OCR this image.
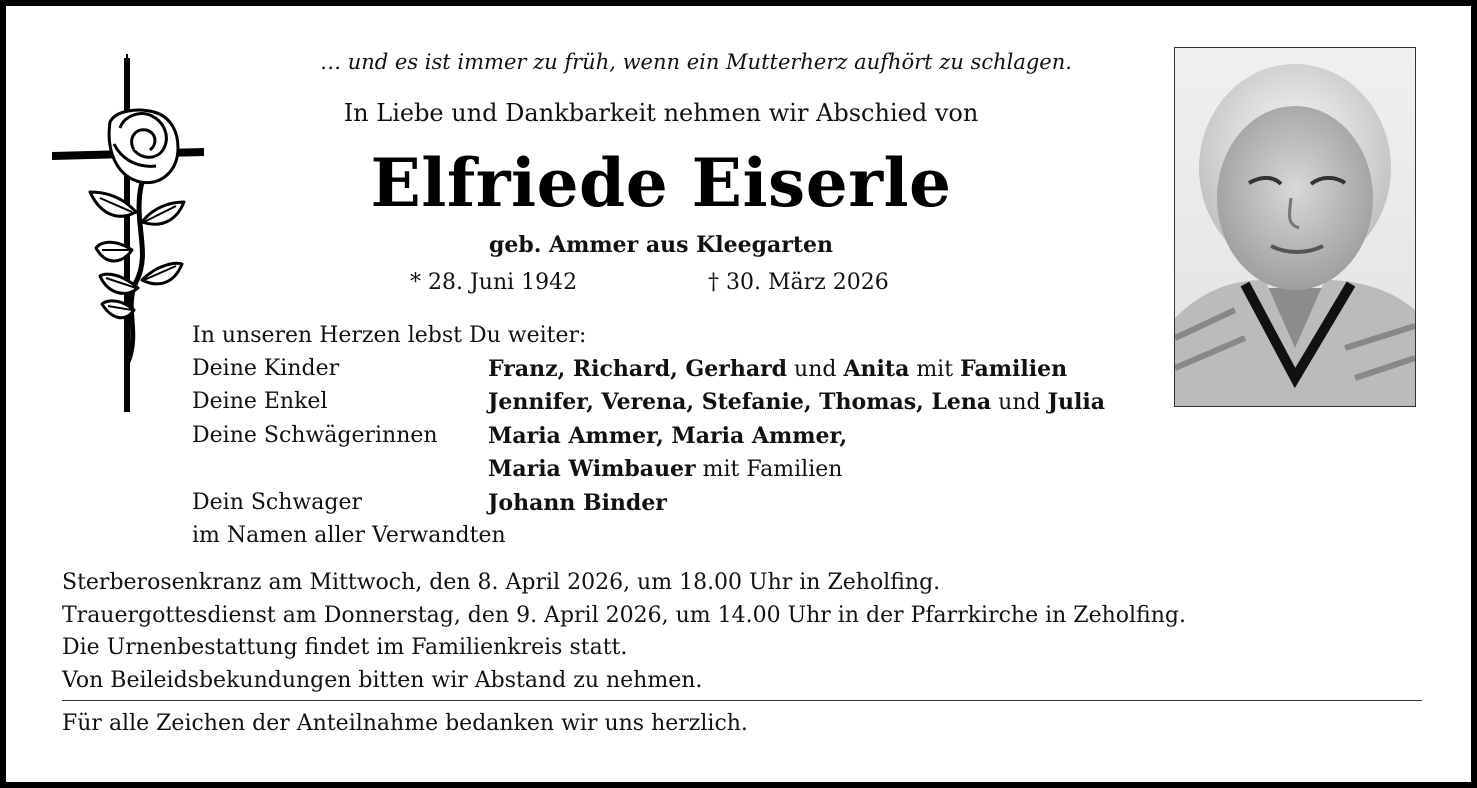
… und es ist immer zu früh, wenn ein Mutterherz aufhört zu schlagen.

In Liebe und Dankbarkeit nehmen wir Abschied von

Elfriede Eiserle

geb. Ammer aus Kleegarten

* 28. Juni 1942	† 30. März 2026

In unseren Herzen lebst Du weiter:
Deine Kinder	Franz, Richard, Gerhard und Anita mit Familien
Deine Enkel	Jennifer, Verena, Stefanie, Thomas, Lena und Julia
Deine Schwägerinnen	Maria Ammer, Maria Ammer,
Maria Wimbauer mit Familien
Dein Schwager	Johann Binder
im Namen aller Verwandten
Sterberosenkranz am Mittwoch, den 8. April 2026, um 18.00 Uhr in Zeholfing.
Trauergottesdienst am Donnerstag, den 9. April 2026, um 14.00 Uhr in der Pfarrkirche in Zeholfing.
Die Urnenbestattung findet im Familienkreis statt.
Von Beileidsbekundungen bitten wir Abstand zu nehmen.

Für alle Zeichen der Anteilnahme bedanken wir uns herzlich.
